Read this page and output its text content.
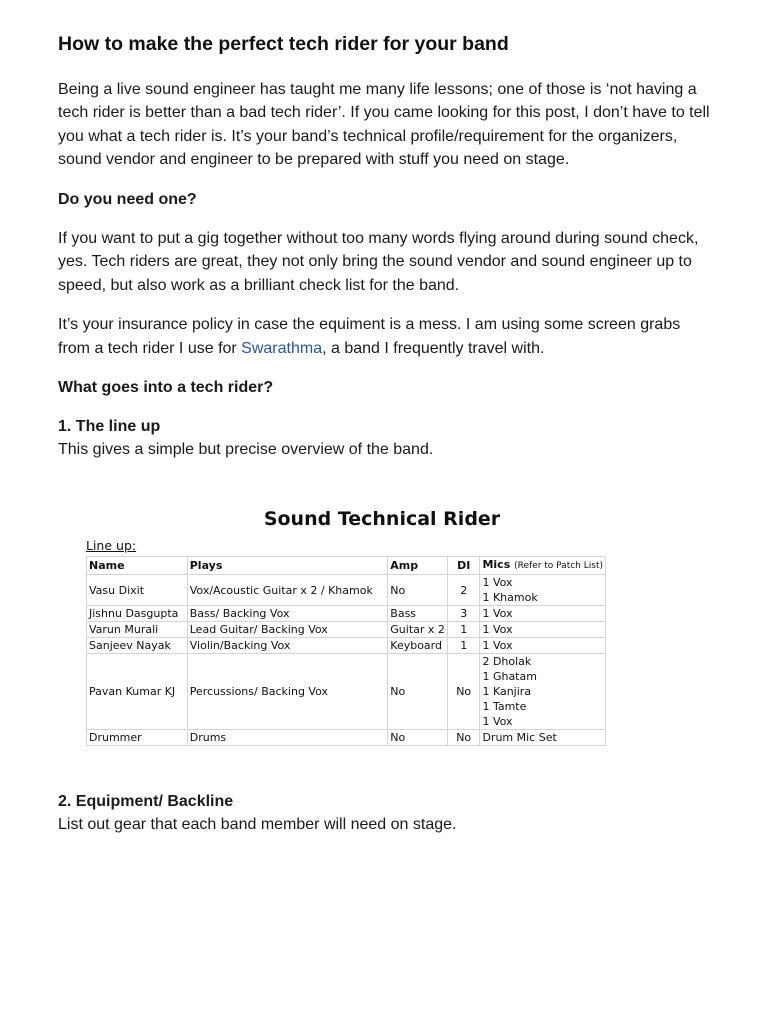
How to make the perfect tech rider for your band

Being a live sound engineer has taught me many life lessons; one of those is ‘not having a tech rider is better than a bad tech rider’. If you came looking for this post, I don’t have to tell you what a tech rider is. It’s your band’s technical profile/requirement for the organizers, sound vendor and engineer to be prepared with stuff you need on stage.

Do you need one?

If you want to put a gig together without too many words flying around during sound check, yes. Tech riders are great, they not only bring the sound vendor and sound engineer up to speed, but also work as a brilliant check list for the band.

It’s your insurance policy in case the equiment is a mess. I am using some screen grabs from a tech rider I use for Swarathma, a band I frequently travel with.

What goes into a tech rider?

1. The line up
This gives a simple but precise overview of the band.
Sound Technical Rider
Line up:
Name	Plays	Amp	DI	Mics (Refer to Patch List)
Vasu Dixit	Vox/Acoustic Guitar x 2 / Khamok	No	2	1 Vox
1 Khamok

Jishnu Dasgupta	Bass/ Backing Vox	Bass	3	1 Vox

Varun Murali	Lead Guitar/ Backing Vox	Guitar x 2	1	1 Vox

Sanjeev Nayak	Violin/Backing Vox	Keyboard	1	1 Vox

Pavan Kumar KJ	Percussions/ Backing Vox	No	No	2 Dholak
1 Ghatam
1 Kanjira
1 Tamte
1 Vox

Drummer	Drums	No	No	Drum Mic Set
2. Equipment/ Backline
List out gear that each band member will need on stage.
